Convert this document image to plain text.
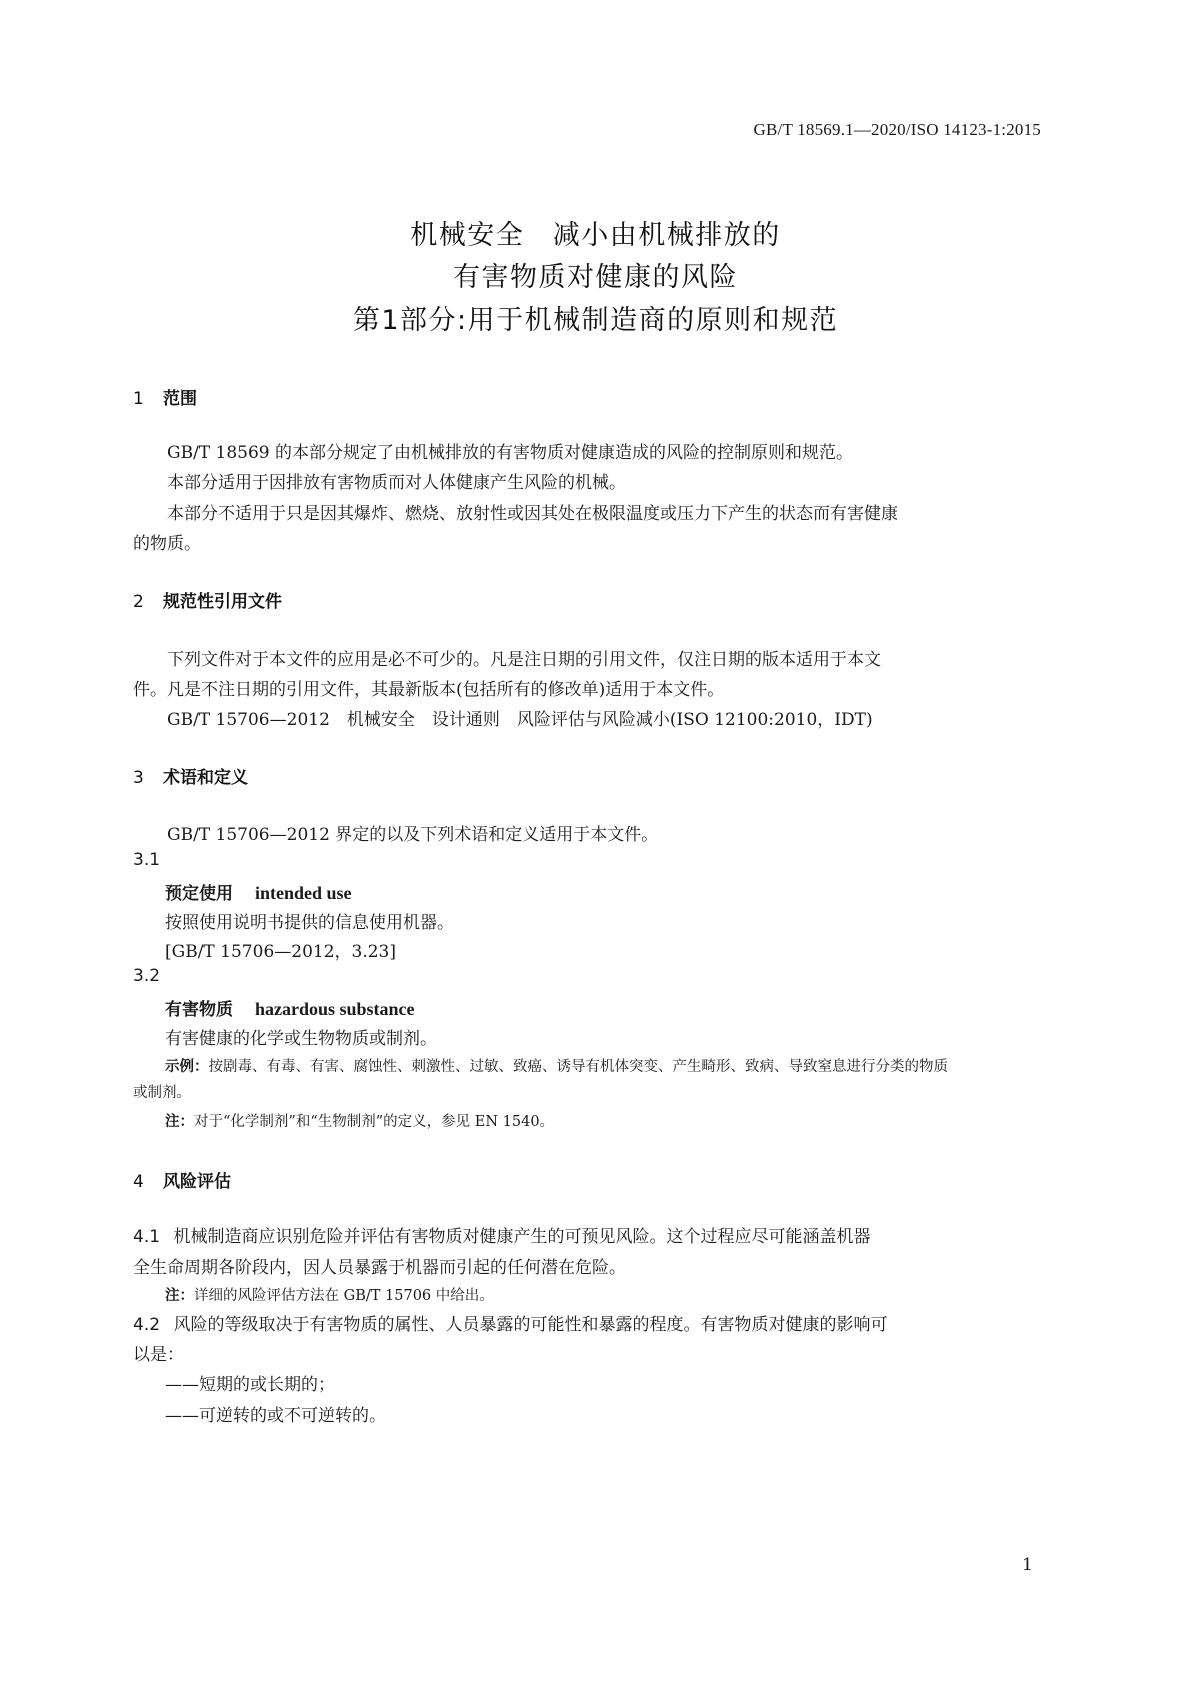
GB/T 18569.1—2020/ISO 14123-1:2015
机械安全　减小由机械排放的
有害物质对健康的风险
第1部分:用于机械制造商的原则和规范
1 范围
GB/T 18569 的本部分规定了由机械排放的有害物质对健康造成的风险的控制原则和规范。
本部分适用于因排放有害物质而对人体健康产生风险的机械。
本部分不适用于只是因其爆炸、燃烧、放射性或因其处在极限温度或压力下产生的状态而有害健康
的物质。
2 规范性引用文件
下列文件对于本文件的应用是必不可少的。凡是注日期的引用文件，仅注日期的版本适用于本文
件。凡是不注日期的引用文件，其最新版本(包括所有的修改单)适用于本文件。
GB/T 15706—2012　机械安全　设计通则　风险评估与风险减小(ISO 12100:2010，IDT)
3 术语和定义
GB/T 15706—2012 界定的以及下列术语和定义适用于本文件。
3.1
预定使用 intended use
按照使用说明书提供的信息使用机器。
[GB/T 15706—2012，3.23]
3.2
有害物质 hazardous substance
有害健康的化学或生物物质或制剂。
示例：按剧毒、有毒、有害、腐蚀性、刺激性、过敏、致癌、诱导有机体突变、产生畸形、致病、导致窒息进行分类的物质
或制剂。
注：对于“化学制剂”和“生物制剂”的定义，参见 EN 1540。
4 风险评估
4.1 机械制造商应识别危险并评估有害物质对健康产生的可预见风险。这个过程应尽可能涵盖机器
全生命周期各阶段内，因人员暴露于机器而引起的任何潜在危险。
注：详细的风险评估方法在 GB/T 15706 中给出。
4.2 风险的等级取决于有害物质的属性、人员暴露的可能性和暴露的程度。有害物质对健康的影响可
以是：
——短期的或长期的；
——可逆转的或不可逆转的。
1
